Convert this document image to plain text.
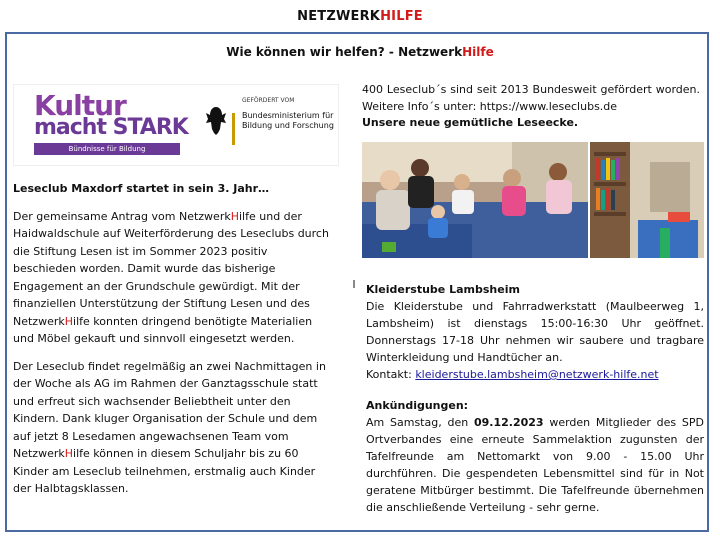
NETZWERKHILFE
Wie können wir helfen? - NetzwerkHilfe
Kultur
macht STARK
Bündnisse für Bildung
GEFÖRDERT VOM
Bundesministerium für Bildung und Forschung

Leseclub Maxdorf startet in sein 3. Jahr…

Der gemeinsame Antrag vom NetzwerkHilfe und der Haidwaldschule auf Weiterförderung des Leseclubs durch die Stiftung Lesen ist im Sommer 2023 positiv beschieden worden. Damit wurde das bisherige Engagement an der Grundschule gewürdigt. Mit der finanziellen Unterstützung der Stiftung Lesen und des NetzwerkHilfe konnten dringend benötigte Materialien und Möbel gekauft und sinnvoll eingesetzt werden.

Der Leseclub findet regelmäßig an zwei Nachmittagen in der Woche als AG im Rahmen der Ganztagsschule statt und erfreut sich wachsender Beliebtheit unter den Kindern. Dank kluger Organisation der Schule und dem auf jetzt 8 Lesedamen angewachsenen Team vom NetzwerkHilfe können in diesem Schuljahr bis zu 60 Kinder am Leseclub teilnehmen, erstmalig auch Kinder der Halbtagsklassen.

400 Leseclub´s sind seit 2013 Bundesweit gefördert worden. Weitere Info´s unter: https://www.leseclubs.de
Unsere neue gemütliche Leseecke.
Kleiderstube Lambsheim
Die Kleiderstube und Fahrradwerkstatt (Maulbeerweg 1, Lambsheim) ist dienstags 15:00-16:30 Uhr geöffnet. Donnerstags 17-18 Uhr nehmen wir saubere und tragbare Winterkleidung und Handtücher an.
Kontakt: kleiderstube.lambsheim@netzwerk-hilfe.net
Ankündigungen:
Am Samstag, den 09.12.2023 werden Mitglieder des SPD Ortverbandes eine erneute Sammelaktion zugunsten der Tafelfreunde am Nettomarkt von 9.00 - 15.00 Uhr durchführen. Die gespendeten Lebensmittel sind für in Not geratene Mitbürger bestimmt. Die Tafelfreunde übernehmen die anschließende Verteilung - sehr gerne.
